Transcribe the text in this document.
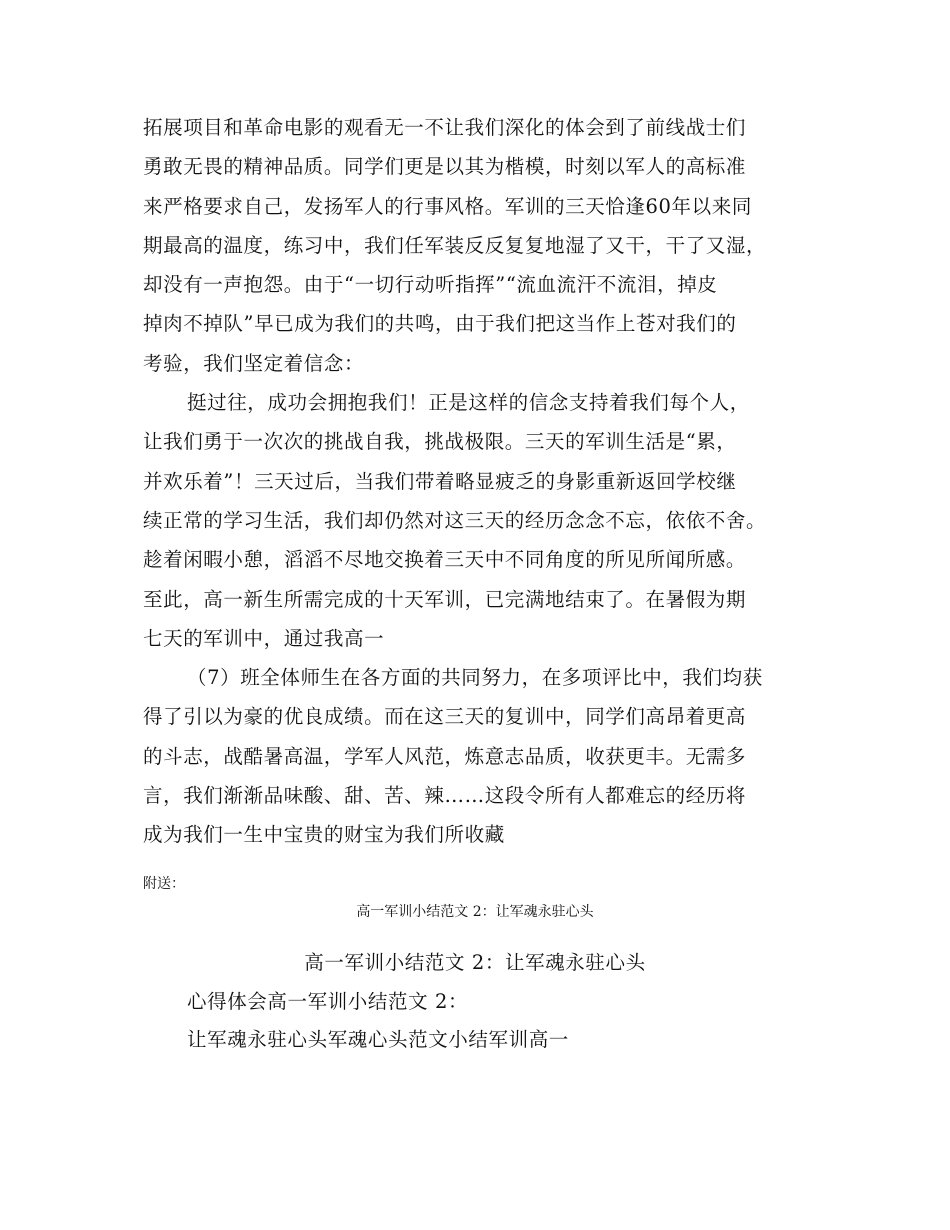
拓展项目和革命电影的观看无一不让我们深化的体会到了前线战士们
勇敢无畏的精神品质。同学们更是以其为楷模，时刻以军人的高标准
来严格要求自己，发扬军人的行事风格。军训的三天恰逢60年以来同
期最高的温度，练习中，我们任军装反反复复地湿了又干，干了又湿，
却没有一声抱怨。由于“一切行动听指挥”“流血流汗不流泪，掉皮
掉肉不掉队”早已成为我们的共鸣，由于我们把这当作上苍对我们的
考验，我们坚定着信念：
挺过往，成功会拥抱我们！正是这样的信念支持着我们每个人，
让我们勇于一次次的挑战自我，挑战极限。三天的军训生活是“累，
并欢乐着”！三天过后，当我们带着略显疲乏的身影重新返回学校继
续正常的学习生活，我们却仍然对这三天的经历念念不忘，依依不舍。
趁着闲暇小憩，滔滔不尽地交换着三天中不同角度的所见所闻所感。
至此，高一新生所需完成的十天军训，已完满地结束了。在暑假为期
七天的军训中，通过我高一
（7）班全体师生在各方面的共同努力，在多项评比中，我们均获
得了引以为豪的优良成绩。而在这三天的复训中，同学们高昂着更高
的斗志，战酷暑高温，学军人风范，炼意志品质，收获更丰。无需多
言，我们渐渐品味酸、甜、苦、辣……这段令所有人都难忘的经历将
成为我们一生中宝贵的财宝为我们所收藏
附送：
高一军训小结范文 2：让军魂永驻心头
高一军训小结范文 2：让军魂永驻心头
心得体会高一军训小结范文 2：
让军魂永驻心头军魂心头范文小结军训高一
